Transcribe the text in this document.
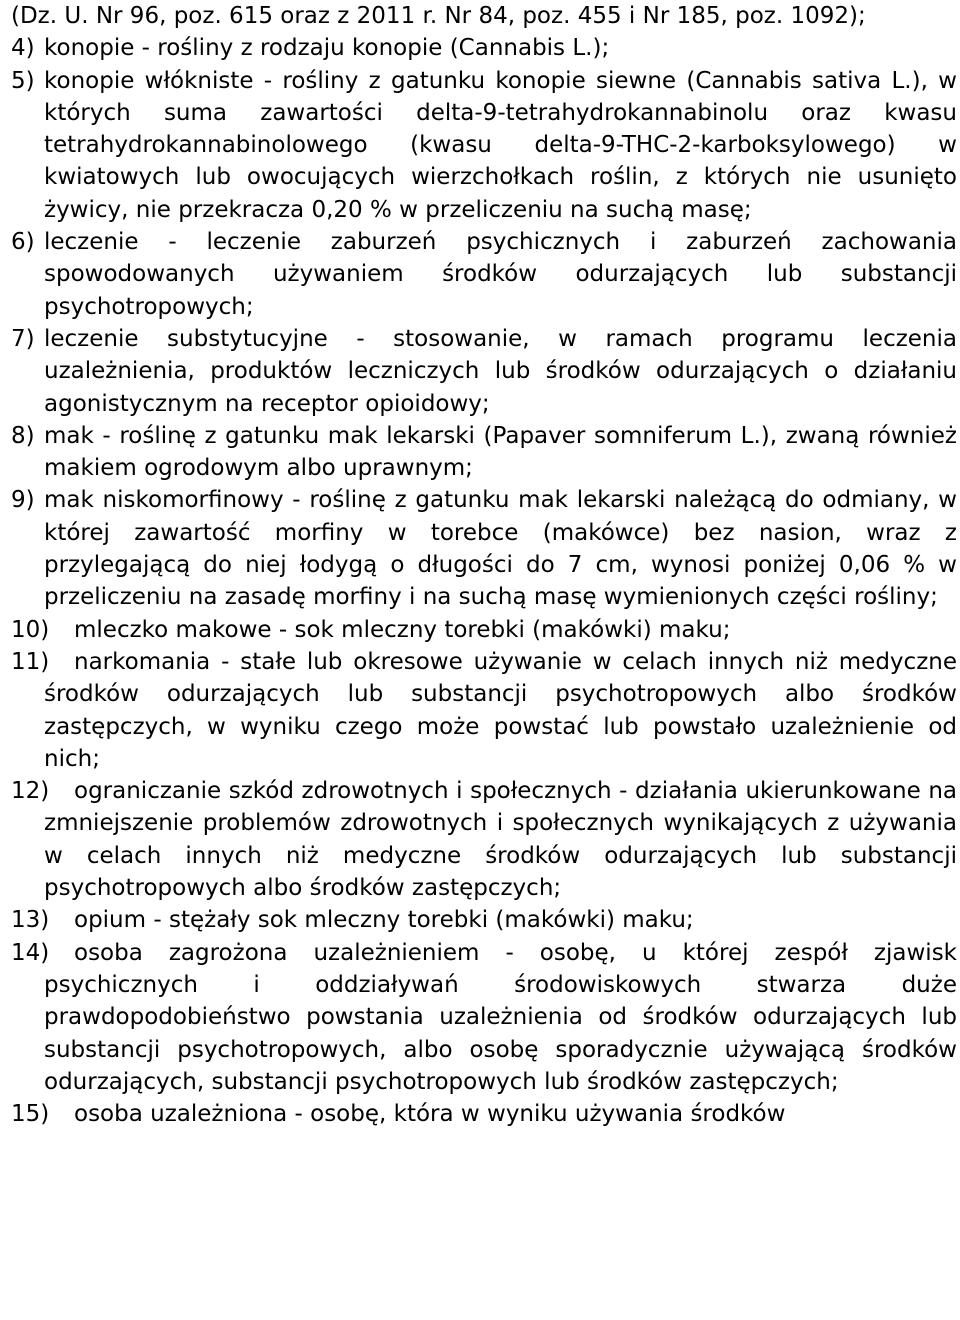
(Dz. U. Nr 96, poz. 615 oraz z 2011 r. Nr 84, poz. 455 i Nr 185, poz. 1092);

4) konopie - rośliny z rodzaju konopie (Cannabis L.);
5) konopie włókniste - rośliny z gatunku konopie siewne (Cannabis sativa L.), w których suma zawartości delta-9-tetrahydrokannabinolu oraz kwasu tetrahydrokannabinolowego (kwasu delta-9-THC-2-karboksylowego) w kwiatowych lub owocujących wierzchołkach roślin, z których nie usunięto żywicy, nie przekracza 0,20 % w przeliczeniu na suchą masę;
6) leczenie - leczenie zaburzeń psychicznych i zaburzeń zachowania spowodowanych używaniem środków odurzających lub substancji psychotropowych;
7) leczenie substytucyjne - stosowanie, w ramach programu leczenia uzależnienia, produktów leczniczych lub środków odurzających o działaniu agonistycznym na receptor opioidowy;
8) mak - roślinę z gatunku mak lekarski (Papaver somniferum L.), zwaną również makiem ogrodowym albo uprawnym;
9) mak niskomorfinowy - roślinę z gatunku mak lekarski należącą do odmiany, w której zawartość morfiny w torebce (makówce) bez nasion, wraz z przylegającą do niej łodygą o długości do 7 cm, wynosi poniżej 0,06 % w przeliczeniu na zasadę morfiny i na suchą masę wymienionych części rośliny;
10) mleczko makowe - sok mleczny torebki (makówki) maku;
11) narkomania - stałe lub okresowe używanie w celach innych niż medyczne środków odurzających lub substancji psychotropowych albo środków zastępczych, w wyniku czego może powstać lub powstało uzależnienie od nich;
12) ograniczanie szkód zdrowotnych i społecznych - działania ukierunkowane na zmniejszenie problemów zdrowotnych i społecznych wynikających z używania w celach innych niż medyczne środków odurzających lub substancji psychotropowych albo środków zastępczych;
13) opium - stężały sok mleczny torebki (makówki) maku;
14) osoba zagrożona uzależnieniem - osobę, u której zespół zjawisk psychicznych i oddziaływań środowiskowych stwarza duże prawdopodobieństwo powstania uzależnienia od środków odurzających lub substancji psychotropowych, albo osobę sporadycznie używającą środków odurzających, substancji psychotropowych lub środków zastępczych;
15) osoba uzależniona - osobę, która w wyniku używania środków
